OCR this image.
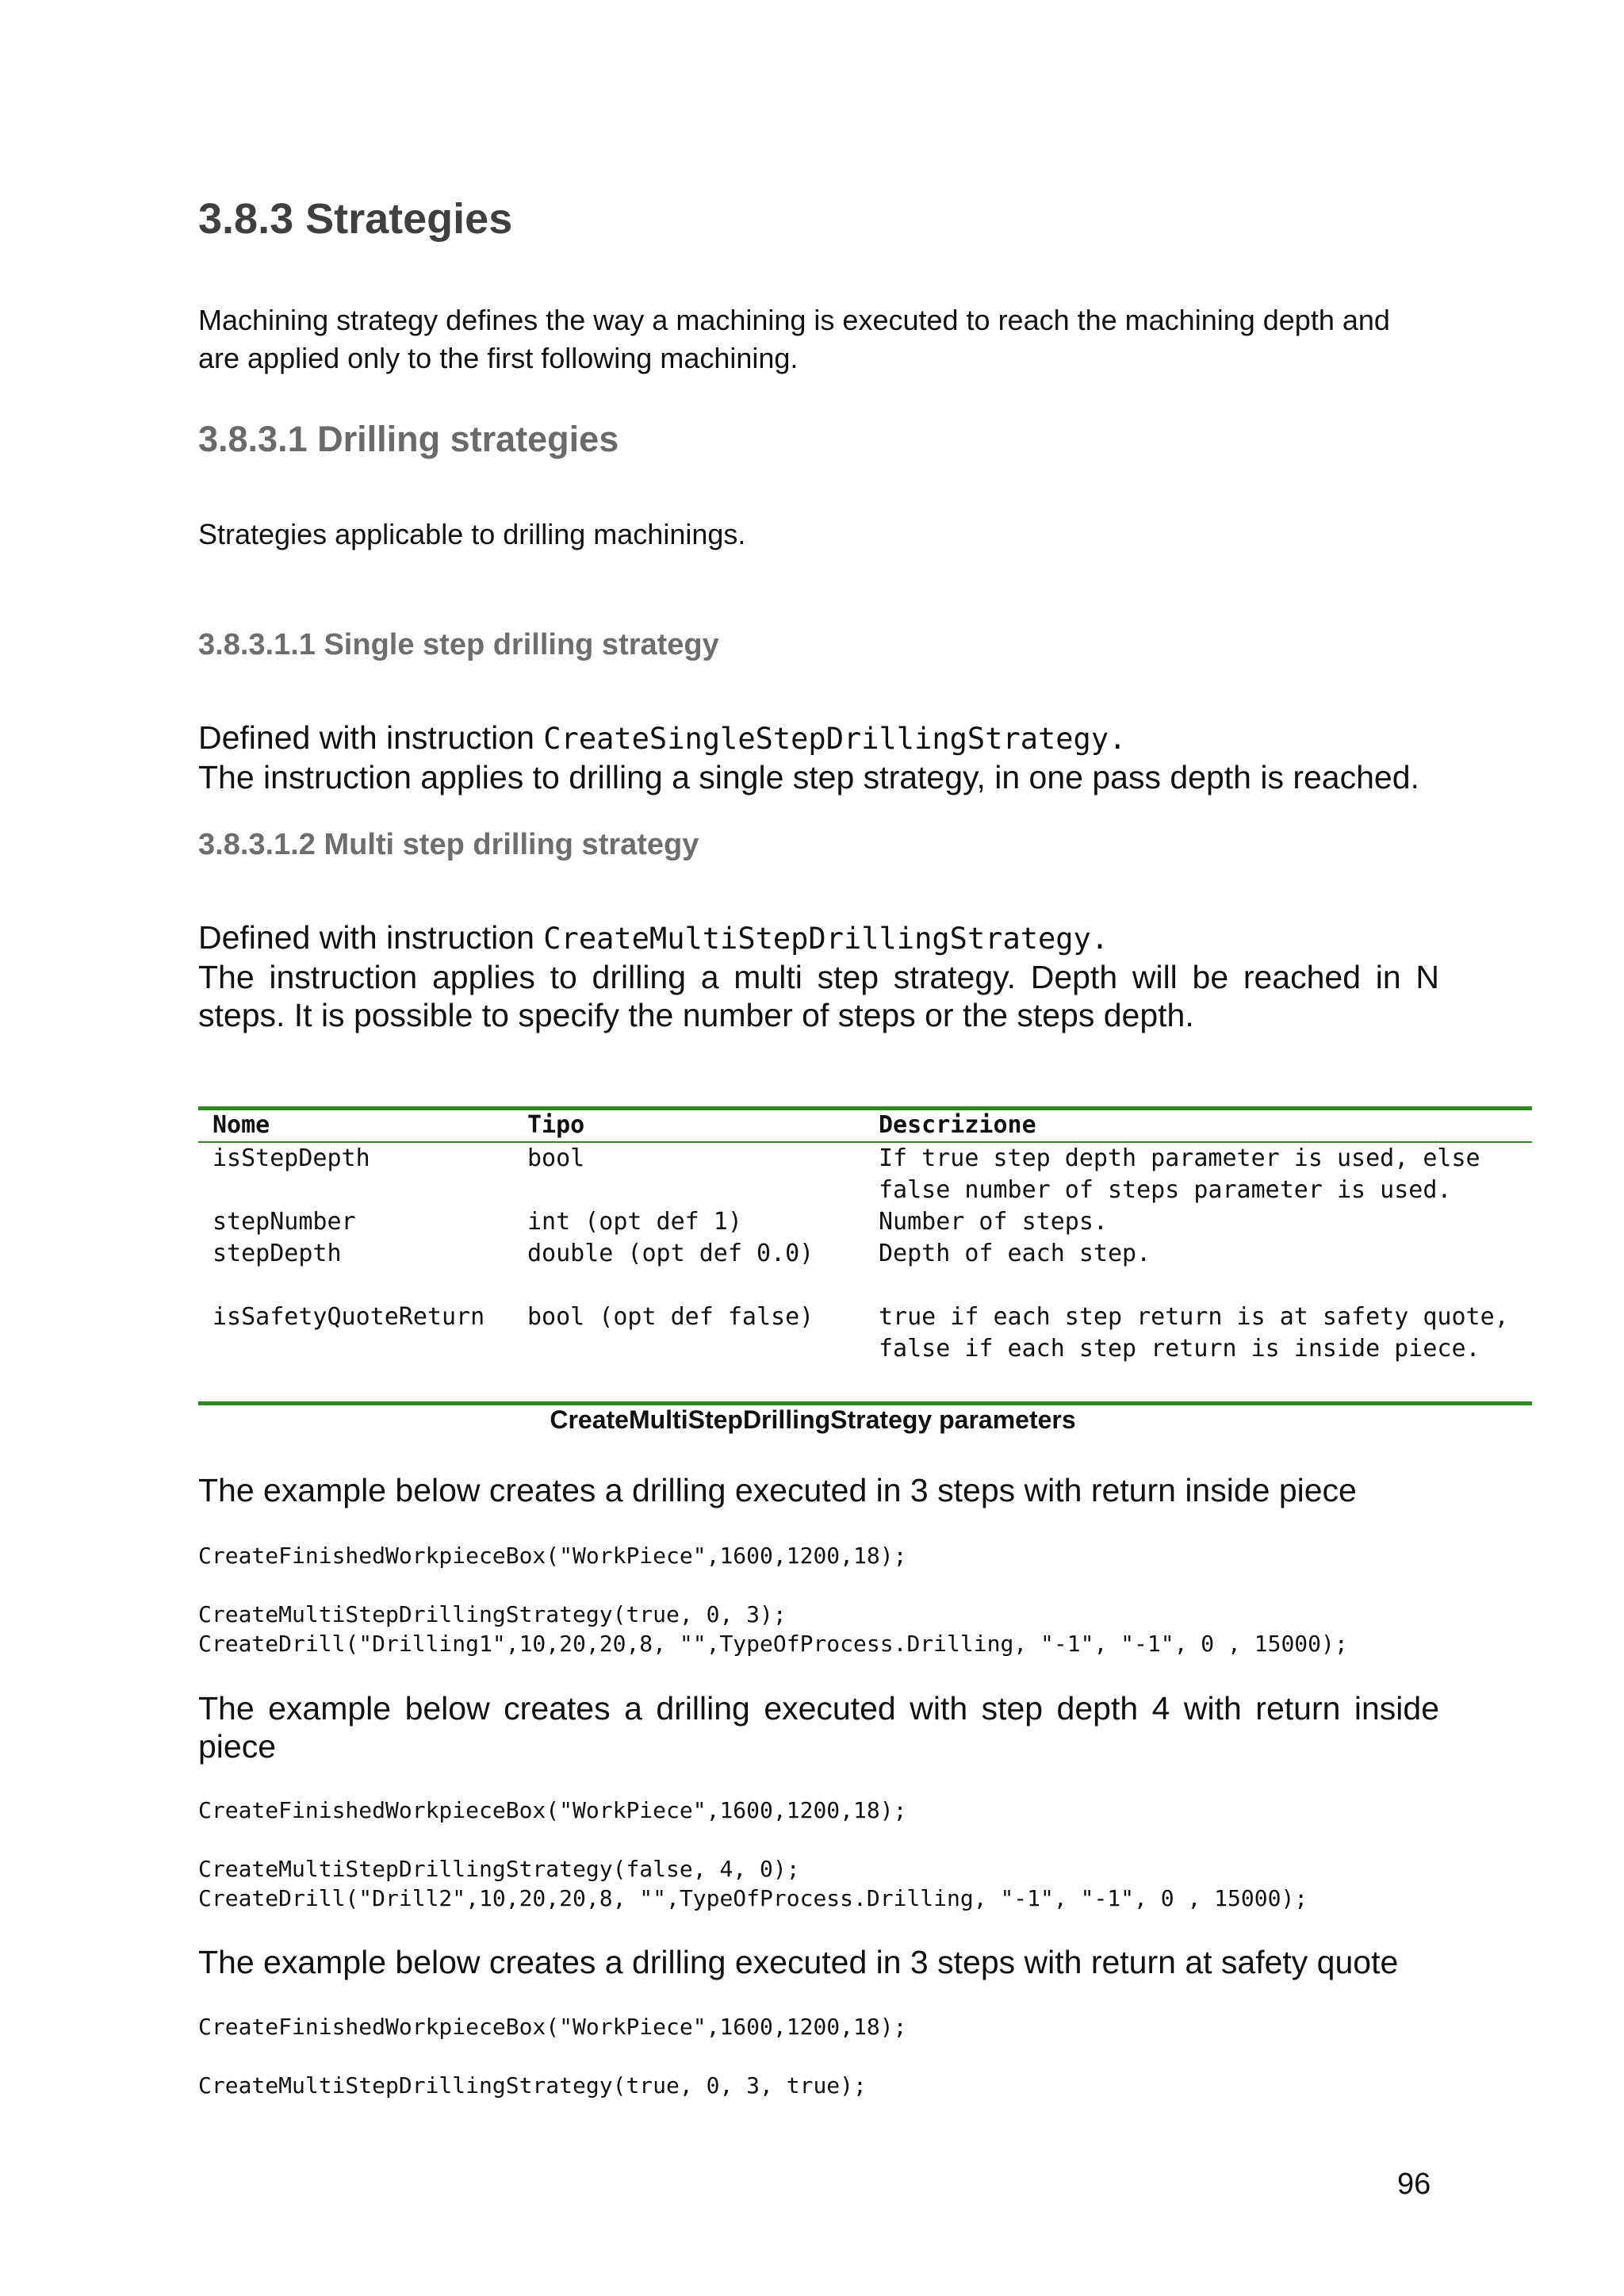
3.8.3 Strategies

Machining strategy defines the way a machining is executed to reach the machining depth and are applied only to the first following machining.

3.8.3.1 Drilling strategies

Strategies applicable to drilling machinings.

3.8.3.1.1 Single step drilling strategy
Defined with instruction CreateSingleStepDrillingStrategy.
The instruction applies to drilling a single step strategy, in one pass depth is reached.
3.8.3.1.2 Multi step drilling strategy
Defined with instruction CreateMultiStepDrillingStrategy.
The instruction applies to drilling a multi step strategy. Depth will be reached in N steps. It is possible to specify the number of steps or the steps depth.
Nome	Tipo	Descrizione
isStepDepth	bool	If true step depth parameter is used, else false number of steps parameter is used.
stepNumber	int (opt def 1)	Number of steps.
stepDepth	double (opt def 0.0)	Depth of each step.
isSafetyQuoteReturn bool (opt def false)	true if each step return is at safety quote, false if each step return is inside piece.
CreateMultiStepDrillingStrategy parameters

The example below creates a drilling executed in 3 steps with return inside piece

CreateFinishedWorkpieceBox("WorkPiece",1600,1200,18);

CreateMultiStepDrillingStrategy(true, 0, 3);
CreateDrill("Drilling1",10,20,20,8, "",TypeOfProcess.Drilling, "-1", "-1", 0 , 15000);

The example below creates a drilling executed with step depth 4 with return inside piece

CreateFinishedWorkpieceBox("WorkPiece",1600,1200,18);

CreateMultiStepDrillingStrategy(false, 4, 0);
CreateDrill("Drill2",10,20,20,8, "",TypeOfProcess.Drilling, "-1", "-1", 0 , 15000);

The example below creates a drilling executed in 3 steps with return at safety quote

CreateFinishedWorkpieceBox("WorkPiece",1600,1200,18);

CreateMultiStepDrillingStrategy(true, 0, 3, true);
96
